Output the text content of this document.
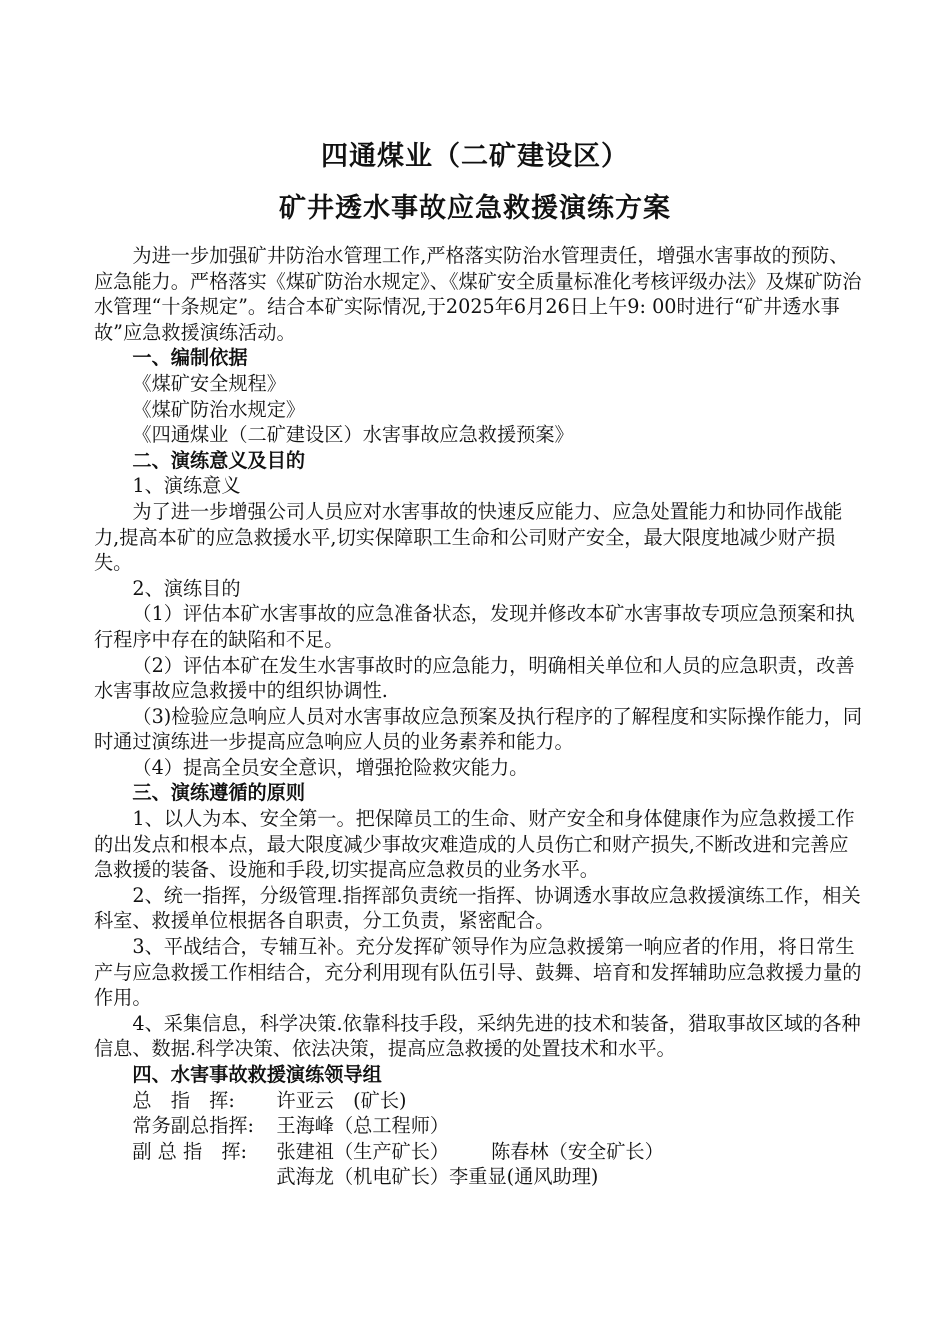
四通煤业（二矿建设区）
矿井透水事故应急救援演练方案

为进一步加强矿井防治水管理工作,严格落实防治水管理责任，增强水害事故的预防、应急能力。严格落实《煤矿防治水规定》、《煤矿安全质量标准化考核评级办法》及煤矿防治水管理“十条规定”。结合本矿实际情况,于2025年6月26日上午9: 00时进行“矿井透水事故”应急救援演练活动。

一、编制依据

《煤矿安全规程》

《煤矿防治水规定》

《四通煤业（二矿建设区）水害事故应急救援预案》

二、演练意义及目的

1、演练意义

为了进一步增强公司人员应对水害事故的快速反应能力、应急处置能力和协同作战能力,提高本矿的应急救援水平,切实保障职工生命和公司财产安全，最大限度地减少财产损失。

2、演练目的

（1）评估本矿水害事故的应急准备状态，发现并修改本矿水害事故专项应急预案和执行程序中存在的缺陷和不足。

（2）评估本矿在发生水害事故时的应急能力，明确相关单位和人员的应急职责，改善水害事故应急救援中的组织协调性.

（3)检验应急响应人员对水害事故应急预案及执行程序的了解程度和实际操作能力，同时通过演练进一步提高应急响应人员的业务素养和能力。

（4）提高全员安全意识，增强抢险救灾能力。

三、演练遵循的原则

1、以人为本、安全第一。把保障员工的生命、财产安全和身体健康作为应急救援工作的出发点和根本点，最大限度减少事故灾难造成的人员伤亡和财产损失,不断改进和完善应急救援的装备、设施和手段,切实提高应急救员的业务水平。

2、统一指挥，分级管理.指挥部负责统一指挥、协调透水事故应急救援演练工作，相关科室、救援单位根据各自职责，分工负责，紧密配合。

3、平战结合，专辅互补。充分发挥矿领导作为应急救援第一响应者的作用，将日常生产与应急救援工作相结合，充分利用现有队伍引导、鼓舞、培育和发挥辅助应急救援力量的作用。

4、采集信息，科学决策.依靠科技手段，采纳先进的技术和装备，猎取事故区域的各种信息、数据.科学决策、依法决策，提高应急救援的处置技术和水平。

四、水害事故救援演练领导组

总　指　挥: 许亚云　(矿长)

常务副总指挥: 王海峰（总工程师）

副 总 指　挥: 张建祖（生产矿长） 陈春林（安全矿长）

武海龙（机电矿长）李重显(通风助理)
